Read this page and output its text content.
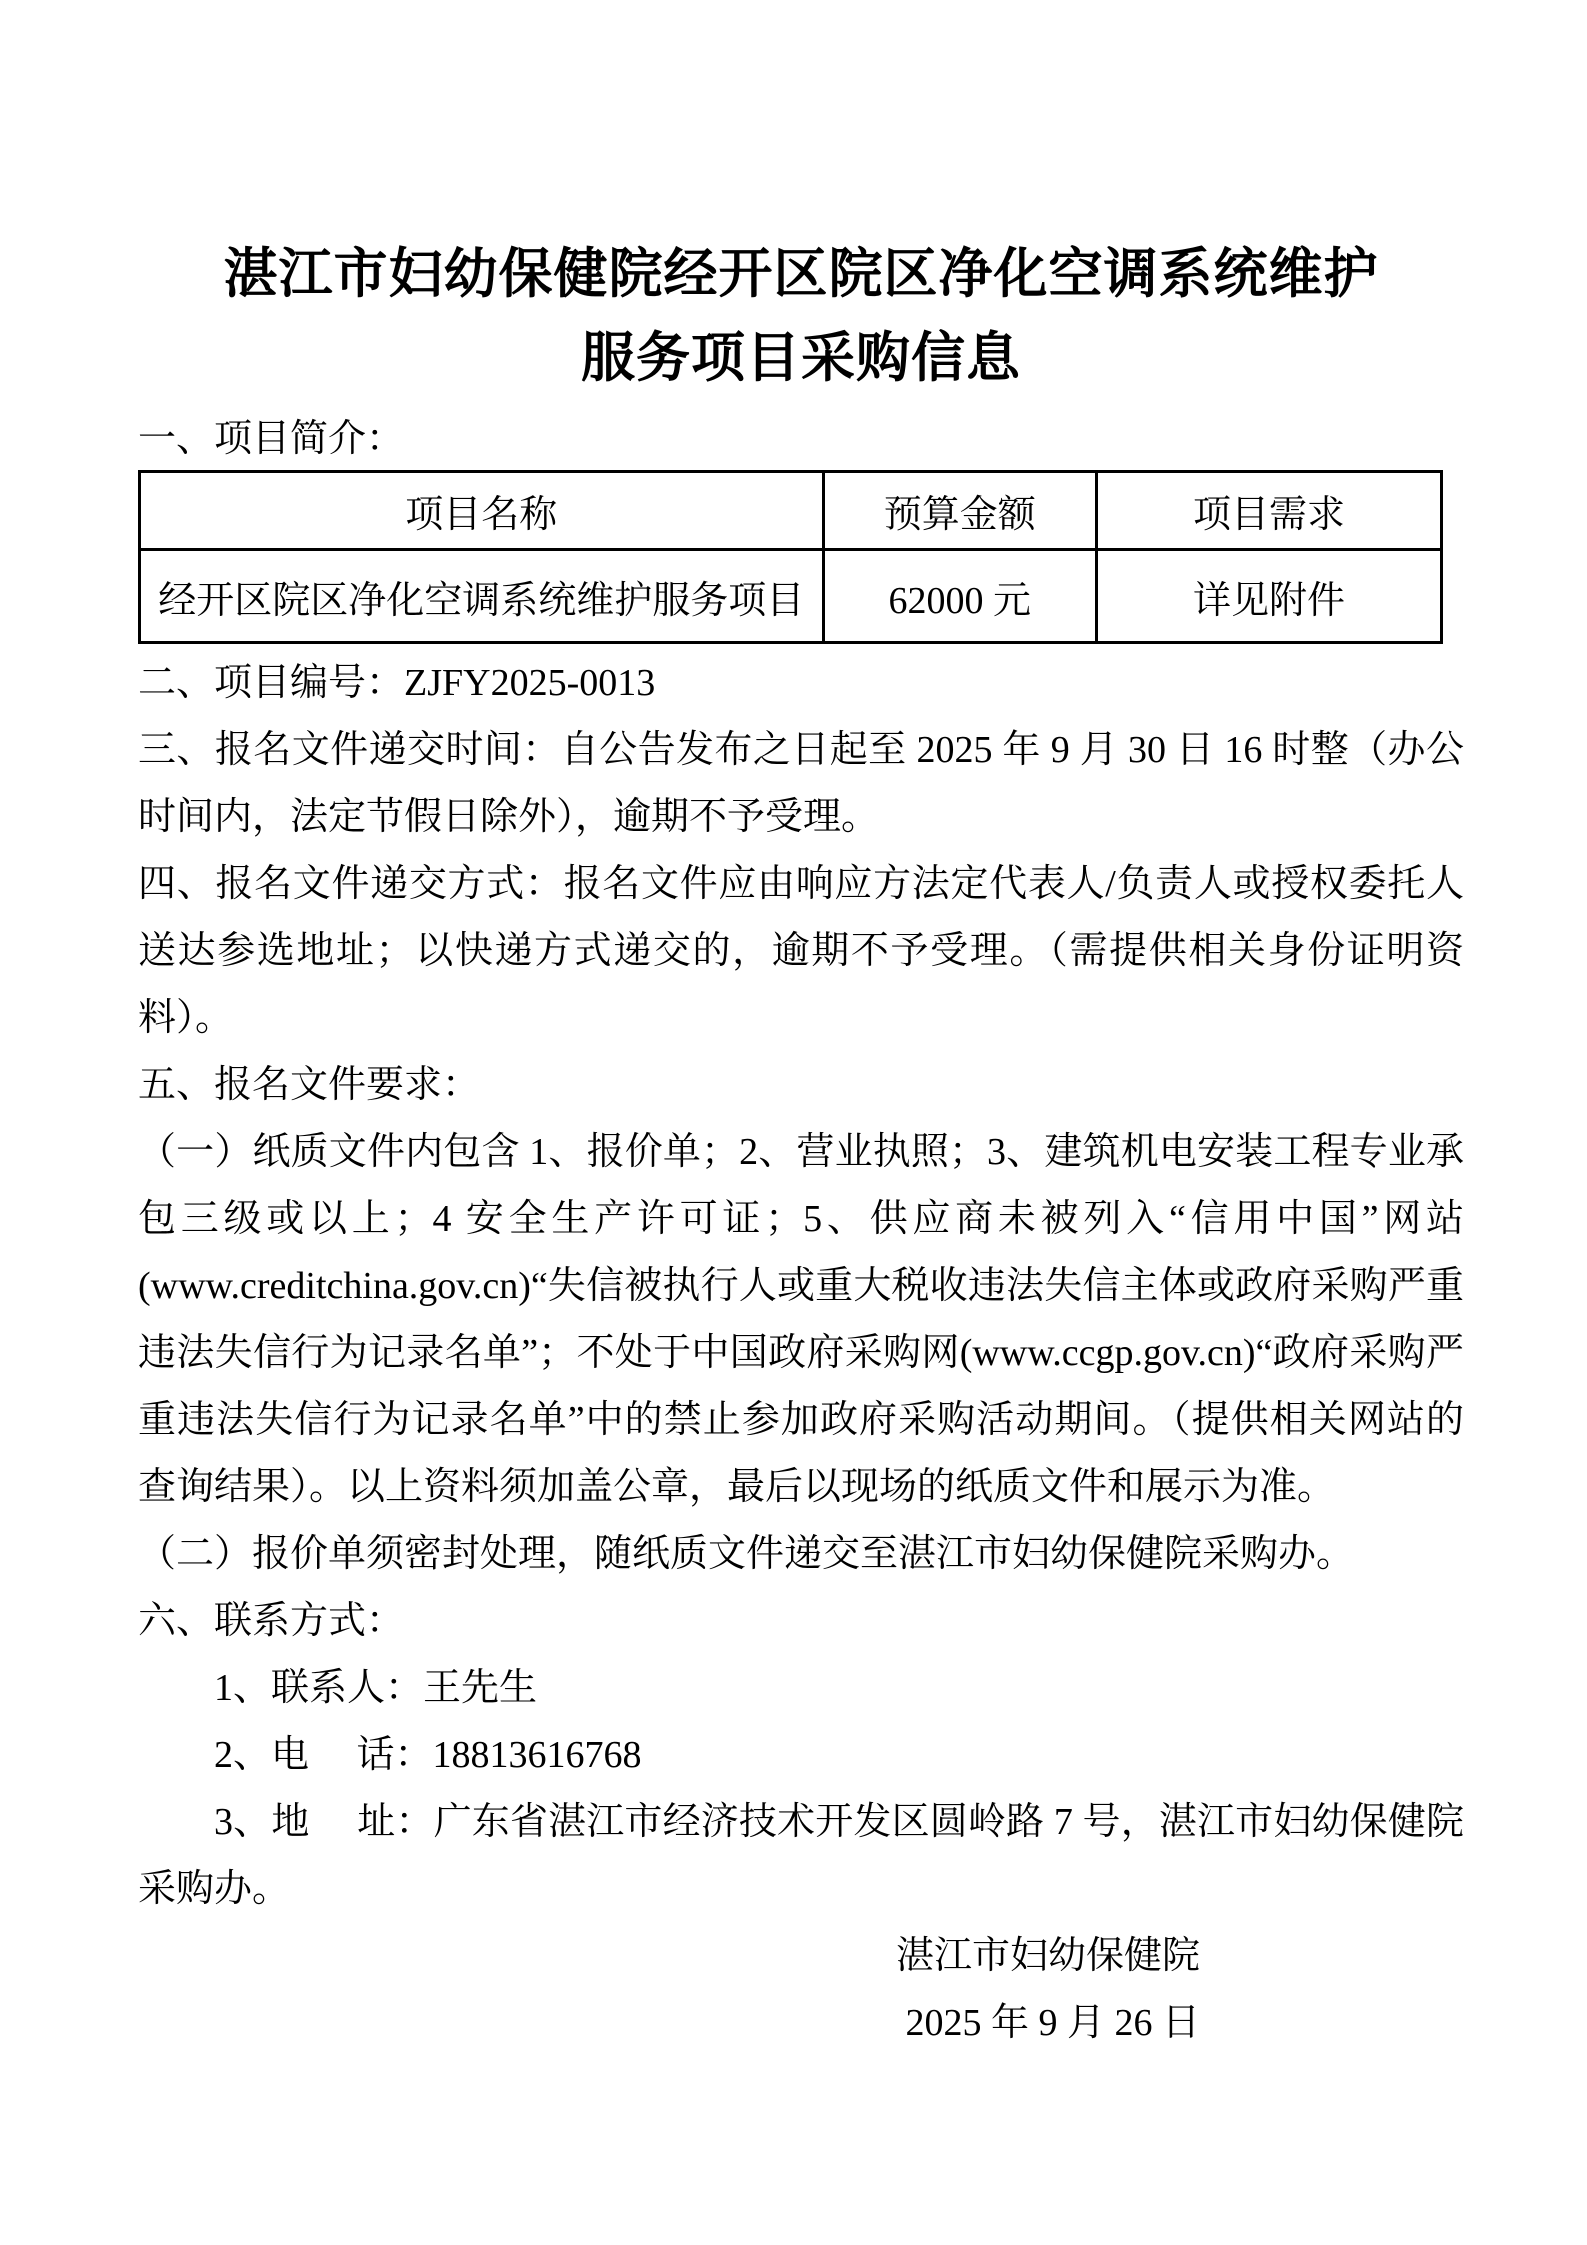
湛江市妇幼保健院经开区院区净化空调系统维护
服务项目采购信息

一、项目简介：

项目名称	预算金额	项目需求
经开区院区净化空调系统维护服务项目	62000 元	详见附件

二、项目编号：ZJFY2025-0013

三、报名文件递交时间：自公告发布之日起至 2025 年 9 月 30 日 16 时整（办公时间内，法定节假日除外），逾期不予受理。

四、报名文件递交方式：报名文件应由响应方法定代表人/负责人或授权委托人送达参选地址；以快递方式递交的，逾期不予受理。（需提供相关身份证明资料）。

五、报名文件要求：

（一）纸质文件内包含 1、报价单；2、营业执照；3、建筑机电安装工程专业承包三级或以上；4 安全生产许可证；5、供应商未被列入“信用中国”网站(www.creditchina.gov.cn)“失信被执行人或重大税收违法失信主体或政府采购严重违法失信行为记录名单”；不处于中国政府采购网(www.ccgp.gov.cn)“政府采购严重违法失信行为记录名单”中的禁止参加政府采购活动期间。（提供相关网站的查询结果）。以上资料须加盖公章，最后以现场的纸质文件和展示为准。

（二）报价单须密封处理，随纸质文件递交至湛江市妇幼保健院采购办。

六、联系方式：

1、联系人：王先生

2、电　 话：18813616768

3、地　 址：广东省湛江市经济技术开发区圆岭路 7 号，湛江市妇幼保健院采购办。

湛江市妇幼保健院

2025 年 9 月 26 日
